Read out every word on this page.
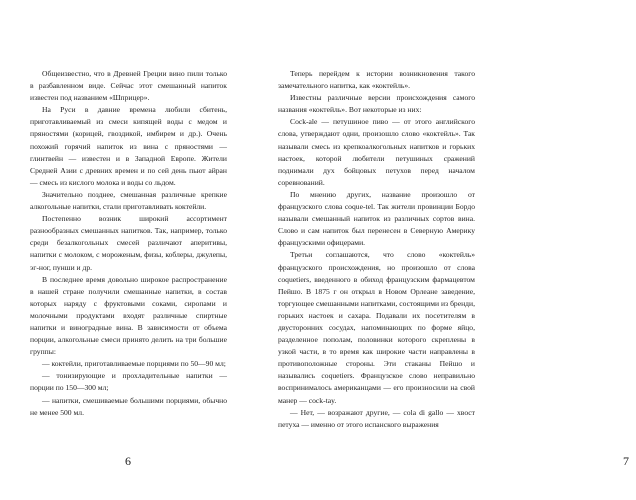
Общеизвестно, что в Древней Греции вино пили только в разбавленном виде. Сейчас этот смешанный напиток известен под названием «Шприцер».

На Руси в давние времена любили сбитень, приготавливаемый из смеси кипящей воды с медом и пряностями (корицей, гвоздикой, имбирем и др.). Очень похожий горячий напиток из вина с пряностями — глинтвейн — известен и в Западной Европе. Жители Средней Азии с древних времен и по сей день пьют айран — смесь из кислого молока и воды со льдом.

Значительно позднее, смешанная различные крепкие алкогольные напитки, стали приготавливать коктейли.

Постепенно возник широкий ассортимент разнообразных смешанных напитков. Так, например, только среди безалкогольных смесей различают аперитивы, напитки с молоком, с мороженым, физы, коблеры, джулепы, эг-ног, пунши и др.

В последнее время довольно широкое распространение в нашей стране получили смешанные напитки, в состав которых наряду с фруктовыми соками, сиропами и молочными продуктами входят различные спиртные напитки и виноградные вина. В зависимости от объема порции, алкогольные смеси принято делить на три большие группы:

— коктейли, приготавливаемые порциями по 50—90 мл;

— тонизирующие и прохладительные напитки — порции по 150—300 мл;

— напитки, смешиваемые большими порциями, обычно не менее 500 мл.

6	7

Теперь перейдем к истории возникновения такого замечательного напитка, как «коктейль».

Известны различные версии происхождения самого названия «коктейль». Вот некоторые из них:

Cock-ale — петушиное пиво — от этого английского слова, утверждают одни, произошло слово «коктейль». Так называли смесь из крепкоалкогольных напитков и горьких настоек, которой любители петушиных сражений поднимали дух бойцовых петухов перед началом соревнований.

По мнению других, название произошло от французского слова coque-tel. Так жители провинции Бордо называли смешанный напиток из различных сортов вина. Слово и сам напиток был перенесен в Северную Америку французскими офицерами.

Третьи соглашаются, что слово «коктейль» французского происхождения, но произошло от слова coquetiers, введенного в обиход французским фармацевтом Пейшо. В 1875 г он открыл в Новом Орлеане заведение, торгующее смешанными напитками, состоящими из бренди, горьких настоек и сахара. Подавали их посетителям в двусторонних сосудах, напоминающих по форме яйцо, разделенное пополам, половинки которого скреплены в узкой части, в то время как широкие части направлены в противоположные стороны. Эти стаканы Пейшо и назывались coquetiers. Французское слово неправильно воспринималось американцами — его произносили на свой манер — cock-tay.

— Нет, — возражают другие, — cola di gallo — хвост петуха — именно от этого испанского выражения
